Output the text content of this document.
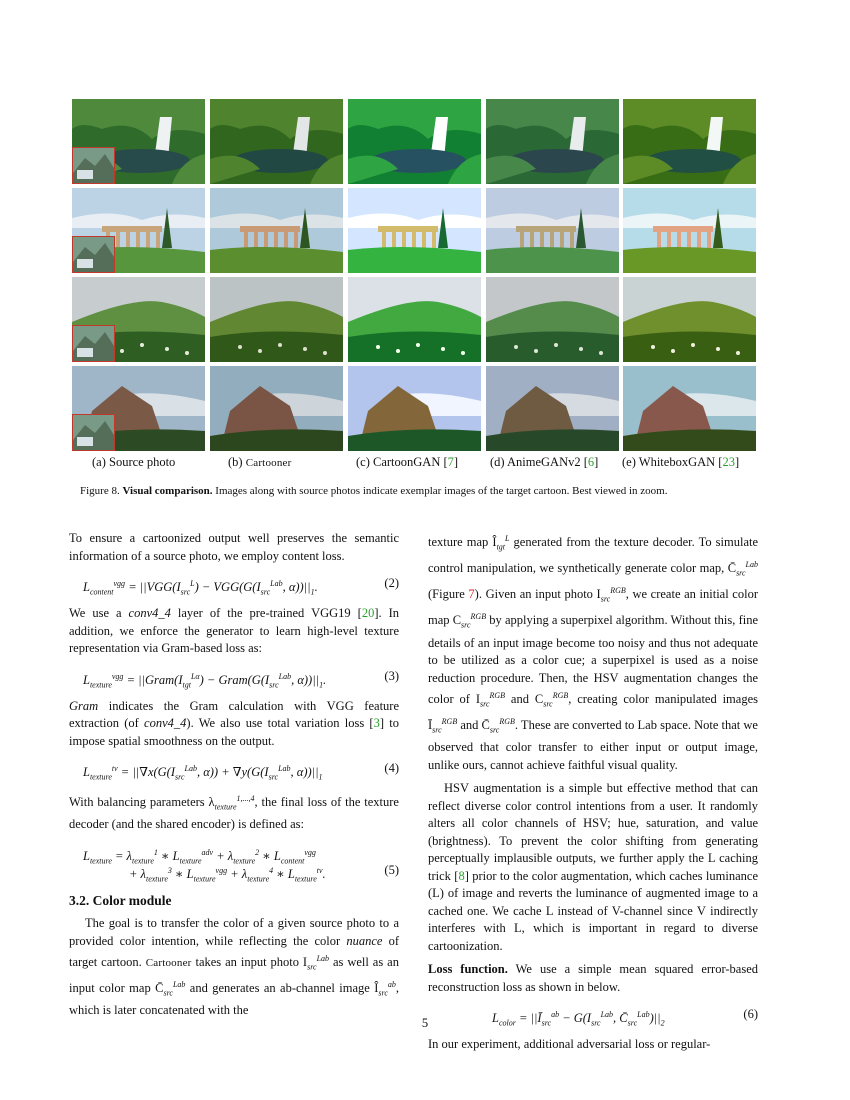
(a) Source photo	(b) Cartooner	(c) CartoonGAN [7]	(d) AnimeGANv2 [6] (e) WhiteboxGAN [23]
Figure 8. Visual comparison. Images along with source photos indicate exemplar images of the target cartoon. Best viewed in zoom.

To ensure a cartoonized output well preserves the semantic information of a source photo, we employ content loss.

$L_{content}^{vgg} = ||VGG(I_{src}^L) - VGG(G(I_{src}^{Lab}$, $\alpha))||_1$.	(2)

We use a conv4_4 layer of the pre-trained VGG19 [20]. In addition, we enforce the generator to learn high-level texture representation via Gram-based loss as:

$L_{texture}^{vgg}$ = $||Gram(I_{tgt}^{L\alpha})$ − $Gram(G(I_{src}^{Lab}$, $\alpha))||_1$.	(3)

Gram indicates the Gram calculation with VGG feature extraction (of conv4_4). We also use total variation loss [3] to impose spatial smoothness on the output.

$L_{texture}^{tv} = ||\nabla x(G(I_{src}^{Lab}$, $\alpha)) + \nabla y(G(I_{src}^{Lab}$, $\alpha))||_1$
(4)

With balancing parameters $\lambda_{texture}^{1,...,4}$, the final loss of the texture decoder (and the shared encoder) is defined as:

$L_{texture} = \lambda_{texture}^1$ ∗ $L_{texture}^{adv} + \lambda_{texture}^2$ ∗ $L_{content}^{vgg}$
+ $\lambda_{texture}^3$ ∗ $L_{texture}^{vgg} + \lambda_{texture}^4$ ∗ $L_{texture}^{tv}$.	(5)
3.2. Color module

The goal is to transfer the color of a given source photo to a provided color intention, while reflecting the color nuance of target cartoon. Cartooner takes an input photo $I_{src}^{Lab}$ as well as an input color map $C̄_{src}^{Lab}$ and generates an ab-channel image $Î_{src}^{ab}$, which is later concatenated with the

texture map $Î_{tgt}^L$ generated from the texture decoder. To simulate control manipulation, we synthetically generate color map, $C̄_{src}^{Lab}$ (Figure 7). Given an input photo $I_{src}^{RGB}$, we create an initial color map $C_{src}^{RGB}$ by applying a superpixel algorithm. Without this, fine details of an input image become too noisy and thus not adequate to be utilized as a color cue; a superpixel is used as a noise reduction procedure. Then, the HSV augmentation changes the color of $I_{src}^{RGB}$ and $C_{src}^{RGB}$, creating color manipulated images $Ī_{src}^{RGB}$ and $C̄_{src}^{RGB}$. These are converted to Lab space. Note that we observed that color transfer to either input or output image, unlike ours, cannot achieve faithful visual quality.

HSV augmentation is a simple but effective method that can reflect diverse color control intentions from a user. It randomly alters all color channels of HSV; hue, saturation, and value (brightness). To prevent the color shifting from generating perceptually implausible outputs, we further apply the L caching trick [8] prior to the color augmentation, which caches luminance (L) of image and reverts the luminance of augmented image to a cached one. We cache L instead of V-channel since V indirectly interferes with L, which is important in regard to diverse cartoonization.

Loss function. We use a simple mean squared error-based reconstruction loss as shown in below.

$L_{color}$ = $||Ī_{src}^{ab} - G(I_{src}^{Lab}$, $C̄_{src}^{Lab})||_2$
(6)

In our experiment, additional adversarial loss or regular-

5
